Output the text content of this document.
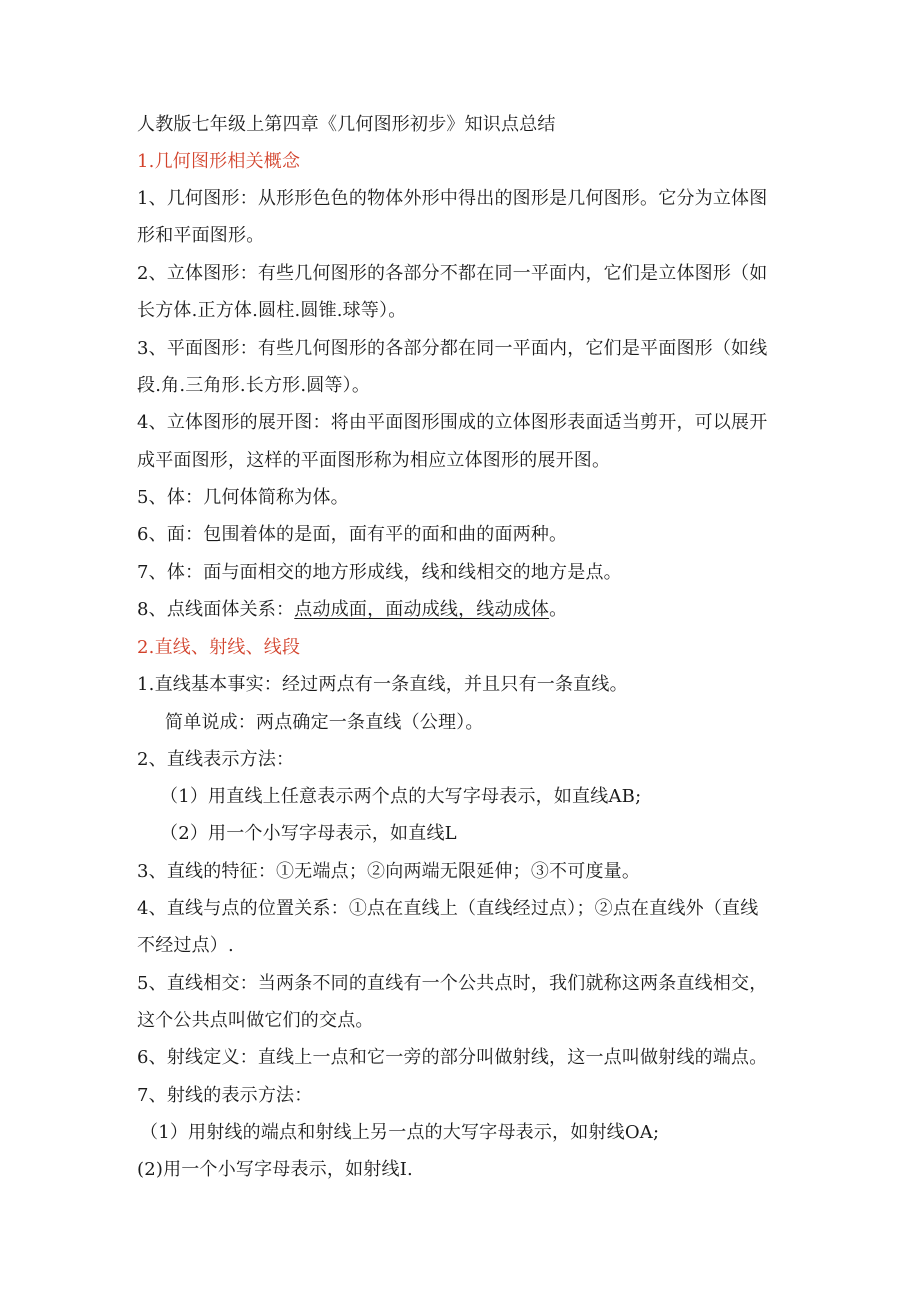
人教版七年级上第四章《几何图形初步》知识点总结
1.几何图形相关概念
1、几何图形：从形形色色的物体外形中得出的图形是几何图形。它分为立体图
形和平面图形。
2、立体图形：有些几何图形的各部分不都在同一平面内，它们是立体图形（如
长方体.正方体.圆柱.圆锥.球等）。
3、平面图形：有些几何图形的各部分都在同一平面内，它们是平面图形（如线
段.角.三角形.长方形.圆等）。
4、立体图形的展开图：将由平面图形围成的立体图形表面适当剪开，可以展开
成平面图形，这样的平面图形称为相应立体图形的展开图。
5、体：几何体简称为体。
6、面：包围着体的是面，面有平的面和曲的面两种。
7、体：面与面相交的地方形成线，线和线相交的地方是点。
8、点线面体关系：点动成面，面动成线，线动成体。
2.直线、射线、线段
1.直线基本事实：经过两点有一条直线，并且只有一条直线。
简单说成：两点确定一条直线（公理）。
2、直线表示方法：
（1）用直线上任意表示两个点的大写字母表示，如直线AB;
（2）用一个小写字母表示，如直线L
3、直线的特征：①无端点；②向两端无限延伸；③不可度量。
4、直线与点的位置关系：①点在直线上（直线经过点）；②点在直线外（直线
不经过点）.
5、直线相交：当两条不同的直线有一个公共点时，我们就称这两条直线相交，
这个公共点叫做它们的交点。
6、射线定义：直线上一点和它一旁的部分叫做射线，这一点叫做射线的端点。
7、射线的表示方法：
（1）用射线的端点和射线上另一点的大写字母表示，如射线OA;
(2)用一个小写字母表示，如射线I.
